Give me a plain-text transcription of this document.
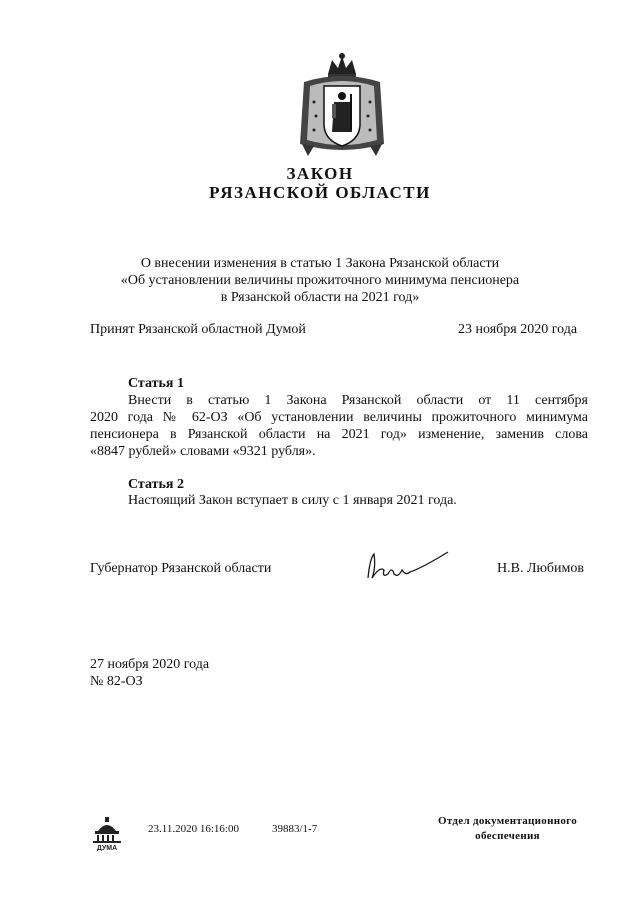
ЗАКОН
РЯЗАНСКОЙ ОБЛАСТИ
О внесении изменения в статью 1 Закона Рязанской области
«Об установлении величины прожиточного минимума пенсионера
в Рязанской области на 2021 год»
Принят Рязанской областной Думой	23 ноября 2020 года
Статья 1
Внести в статью 1 Закона Рязанской области от 11 сентября
2020 года № 62-ОЗ «Об установлении величины прожиточного минимума
пенсионера в Рязанской области на 2021 год» изменение, заменив слова
«8847 рублей» словами «9321 рубля».
Статья 2
Настоящий Закон вступает в силу с 1 января 2021 года.
Губернатор Рязанской области	Н.В. Любимов
27 ноября 2020 года
№ 82-ОЗ
ДУМА
23.11.2020 16:16:00	39883/1-7
Отдел документационного
обеспечения
